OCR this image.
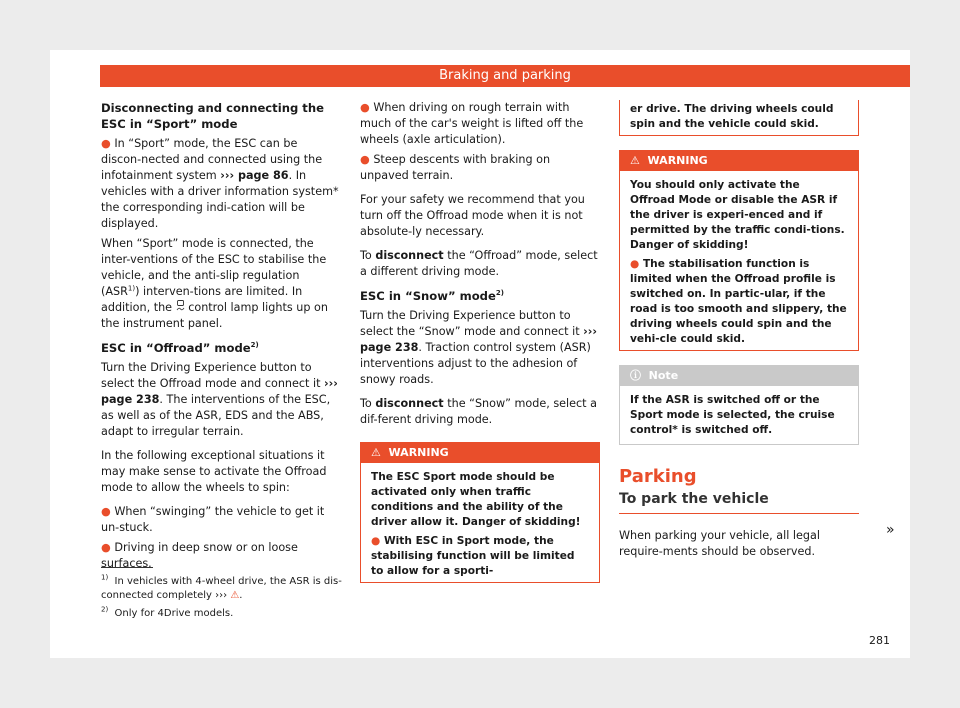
Braking and parking

Disconnecting and connecting the ESC in “Sport” mode

● In “Sport” mode, the ESC can be discon-nected and connected using the infotainment system ››› page 86. In vehicles with a driver information system* the corresponding indi-cation will be displayed.

When “Sport” mode is connected, the inter-ventions of the ESC to stabilise the vehicle, and the anti-slip regulation (ASR$^{1)}$) interven-tions are limited. In addition, the  control lamp lights up on the instrument panel.

ESC in “Offroad” mode$^{2)}$

Turn the Driving Experience button to select the Offroad mode and connect it ››› page 238. The interventions of the ESC, as well as of the ASR, EDS and the ABS, adapt to irregular terrain.

In the following exceptional situations it may make sense to activate the Offroad mode to allow the wheels to spin:

● When “swinging” the vehicle to get it un-stuck.

● Driving in deep snow or on loose surfaces.

● When driving on rough terrain with much of the car's weight is lifted off the wheels (axle articulation).

● Steep descents with braking on unpaved terrain.

For your safety we recommend that you turn off the Offroad mode when it is not absolute-ly necessary.

To disconnect the “Offroad” mode, select a different driving mode.

ESC in “Snow” mode$^{2)}$

Turn the Driving Experience button to select the “Snow” mode and connect it ››› page 238. Traction control system (ASR) interventions adjust to the adhesion of snowy roads.

To disconnect the “Snow” mode, select a dif-ferent driving mode.

⚠ WARNING

The ESC Sport mode should be activated only when traffic conditions and the ability of the driver allow it. Danger of skidding!

● With ESC in Sport mode, the stabilising function will be limited to allow for a sporti-

er drive. The driving wheels could spin and the vehicle could skid.
⚠ WARNING

You should only activate the Offroad Mode or disable the ASR if the driver is experi-enced and if permitted by the traffic condi-tions. Danger of skidding!

● The stabilisation function is limited when the Offroad profile is switched on. In partic-ular, if the road is too smooth and slippery, the driving wheels could spin and the vehi-cle could skid.

ⓘ Note
If the ASR is switched off or the Sport mode is selected, the cruise control* is switched off.
Parking
To park the vehicle

When parking your vehicle, all legal require-ments should be observed.

»

$^{1)}$ In vehicles with 4-wheel drive, the ASR is dis-connected completely ››› ⚠.

$^{2)}$ Only for 4Drive models.

281
